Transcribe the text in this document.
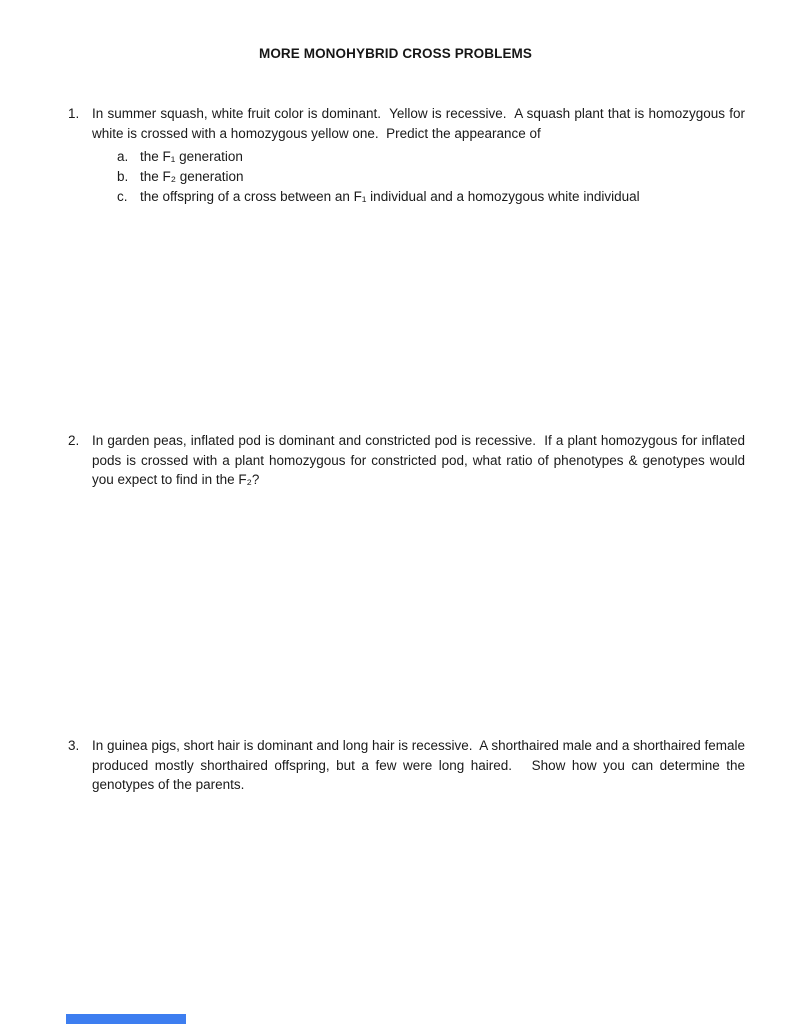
MORE MONOHYBRID CROSS PROBLEMS
1. In summer squash, white fruit color is dominant.  Yellow is recessive.  A squash plant that is homozygous for white is crossed with a homozygous yellow one.  Predict the appearance of
a. the F₁ generation
b. the F₂ generation
c. the offspring of a cross between an F₁ individual and a homozygous white individual
2. In garden peas, inflated pod is dominant and constricted pod is recessive.  If a plant homozygous for inflated pods is crossed with a plant homozygous for constricted pod, what ratio of phenotypes & genotypes would you expect to find in the F₂?
3. In guinea pigs, short hair is dominant and long hair is recessive.  A shorthaired male and a shorthaired female produced mostly shorthaired offspring, but a few were long haired.   Show how you can determine the genotypes of the parents.
